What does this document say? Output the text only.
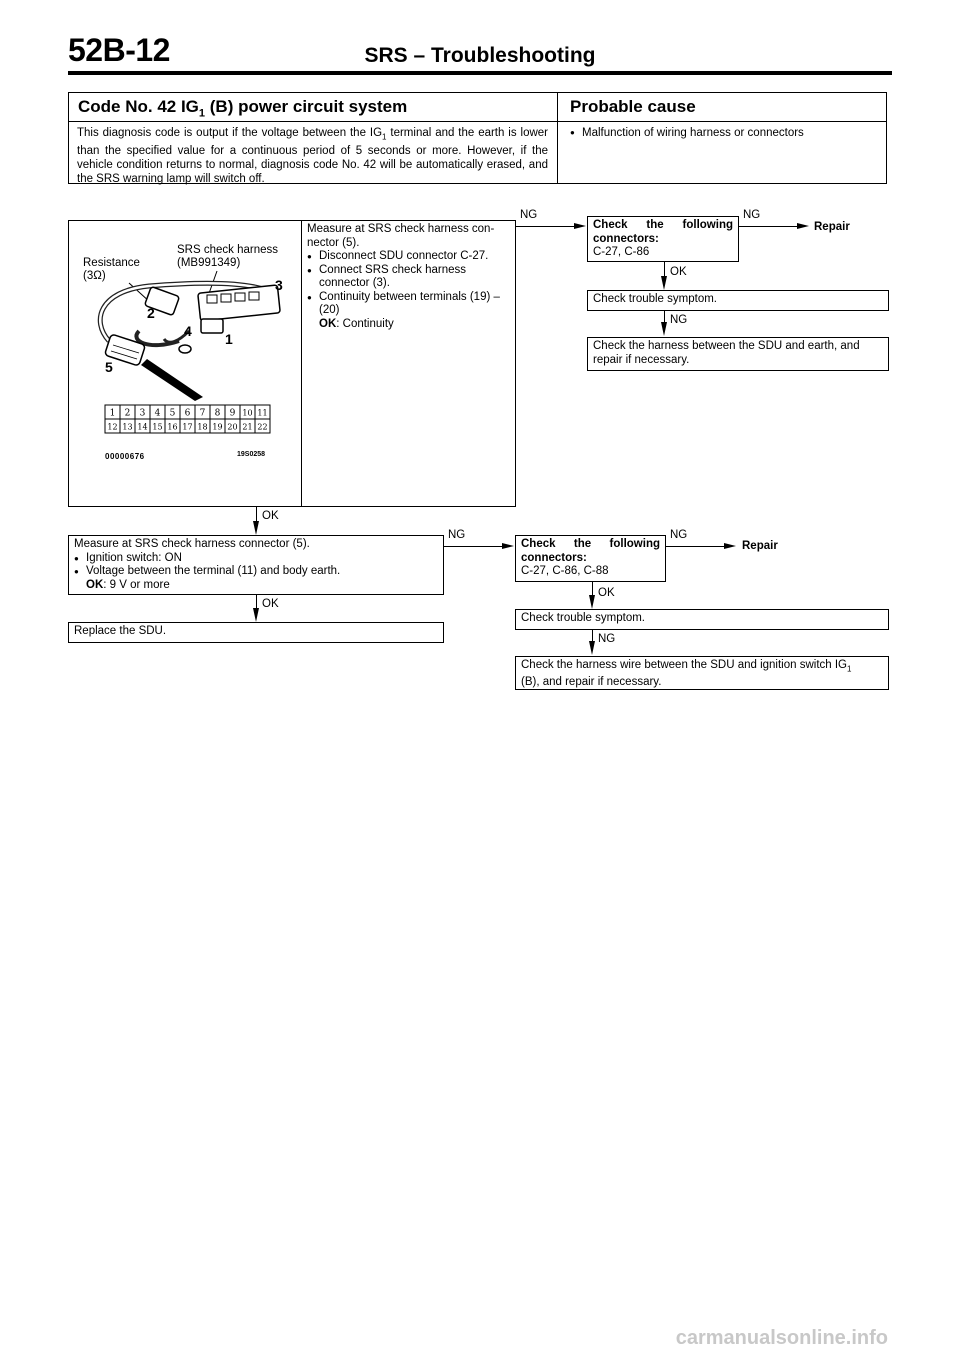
52B-12	SRS – Troubleshooting
Code No. 42 $IG_1$ (B) power circuit system	Probable cause
This diagnosis code is output if the voltage between the $IG_1$ terminal and the earth is lower than the specified value for a continuous period of 5 seconds or more. However, if the vehicle condition returns to normal, diagnosis code No. 42 will be automatically erased, and the SRS warning lamp will switch off.
● Malfunction of wiring harness or connectors
Resistance
(3Ω)
SRS check harness
(MB991349)
1 2 3 4 5 6 7 8 9 10 11
12 13 14 15 16 17 18 19 20 21 22
1
2
3
4
5
00000676	19S0258
Measure at SRS check harness con-nector (5).
● Disconnect SDU connector C-27.
● Connect SRS check harness connector (3).
● Continuity between terminals (19) – (20)
OK: Continuity
NG
Check the following connectors:
C-27, C-86
NG
Repair
OK
Check trouble symptom.
NG
Check the harness between the SDU and earth, and repair if necessary.
OK
Measure at SRS check harness connector (5).
● Ignition switch: ON
● Voltage between the terminal (11) and body earth.
OK: 9 V or more
OK
Replace the SDU.
NG
Check the following connectors:
C-27, C-86, C-88
NG
Repair
OK
Check trouble symptom.
NG
Check the harness wire between the SDU and ignition switch $IG_1$
(B), and repair if necessary.
carmanualsonline.info
